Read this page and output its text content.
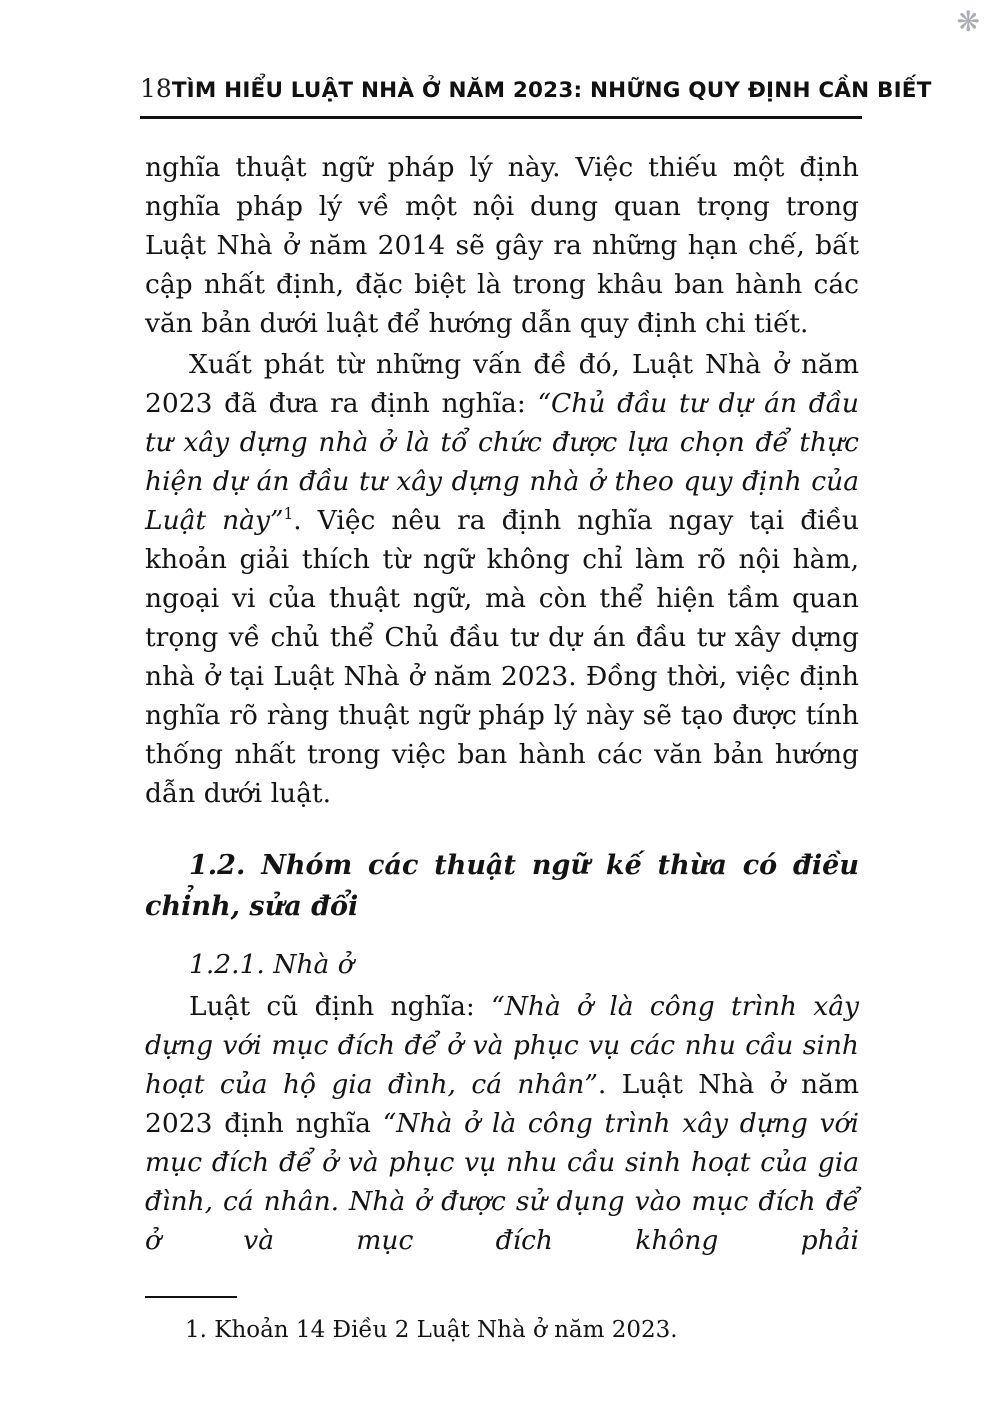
❋
18 TÌM HIỂU LUẬT NHÀ Ở NĂM 2023: NHỮNG QUY ĐỊNH CẦN BIẾT

nghĩa thuật ngữ pháp lý này. Việc thiếu một định nghĩa pháp lý về một nội dung quan trọng trong Luật Nhà ở năm 2014 sẽ gây ra những hạn chế, bất cập nhất định, đặc biệt là trong khâu ban hành các văn bản dưới luật để hướng dẫn quy định chi tiết.

Xuất phát từ những vấn đề đó, Luật Nhà ở năm 2023 đã đưa ra định nghĩa: “Chủ đầu tư dự án đầu tư xây dựng nhà ở là tổ chức được lựa chọn để thực hiện dự án đầu tư xây dựng nhà ở theo quy định của Luật này”$^1$. Việc nêu ra định nghĩa ngay tại điều khoản giải thích từ ngữ không chỉ làm rõ nội hàm, ngoại vi của thuật ngữ, mà còn thể hiện tầm quan trọng về chủ thể Chủ đầu tư dự án đầu tư xây dựng nhà ở tại Luật Nhà ở năm 2023. Đồng thời, việc định nghĩa rõ ràng thuật ngữ pháp lý này sẽ tạo được tính thống nhất trong việc ban hành các văn bản hướng dẫn dưới luật.

1.2. Nhóm các thuật ngữ kế thừa có điều chỉnh, sửa đổi
1.2.1. Nhà ở

Luật cũ định nghĩa: “Nhà ở là công trình xây dựng với mục đích để ở và phục vụ các nhu cầu sinh hoạt của hộ gia đình, cá nhân”. Luật Nhà ở năm 2023 định nghĩa “Nhà ở là công trình xây dựng với mục đích để ở và phục vụ nhu cầu sinh hoạt của gia đình, cá nhân. Nhà ở được sử dụng vào mục đích để ở và mục đích không phải

1. Khoản 14 Điều 2 Luật Nhà ở năm 2023.
